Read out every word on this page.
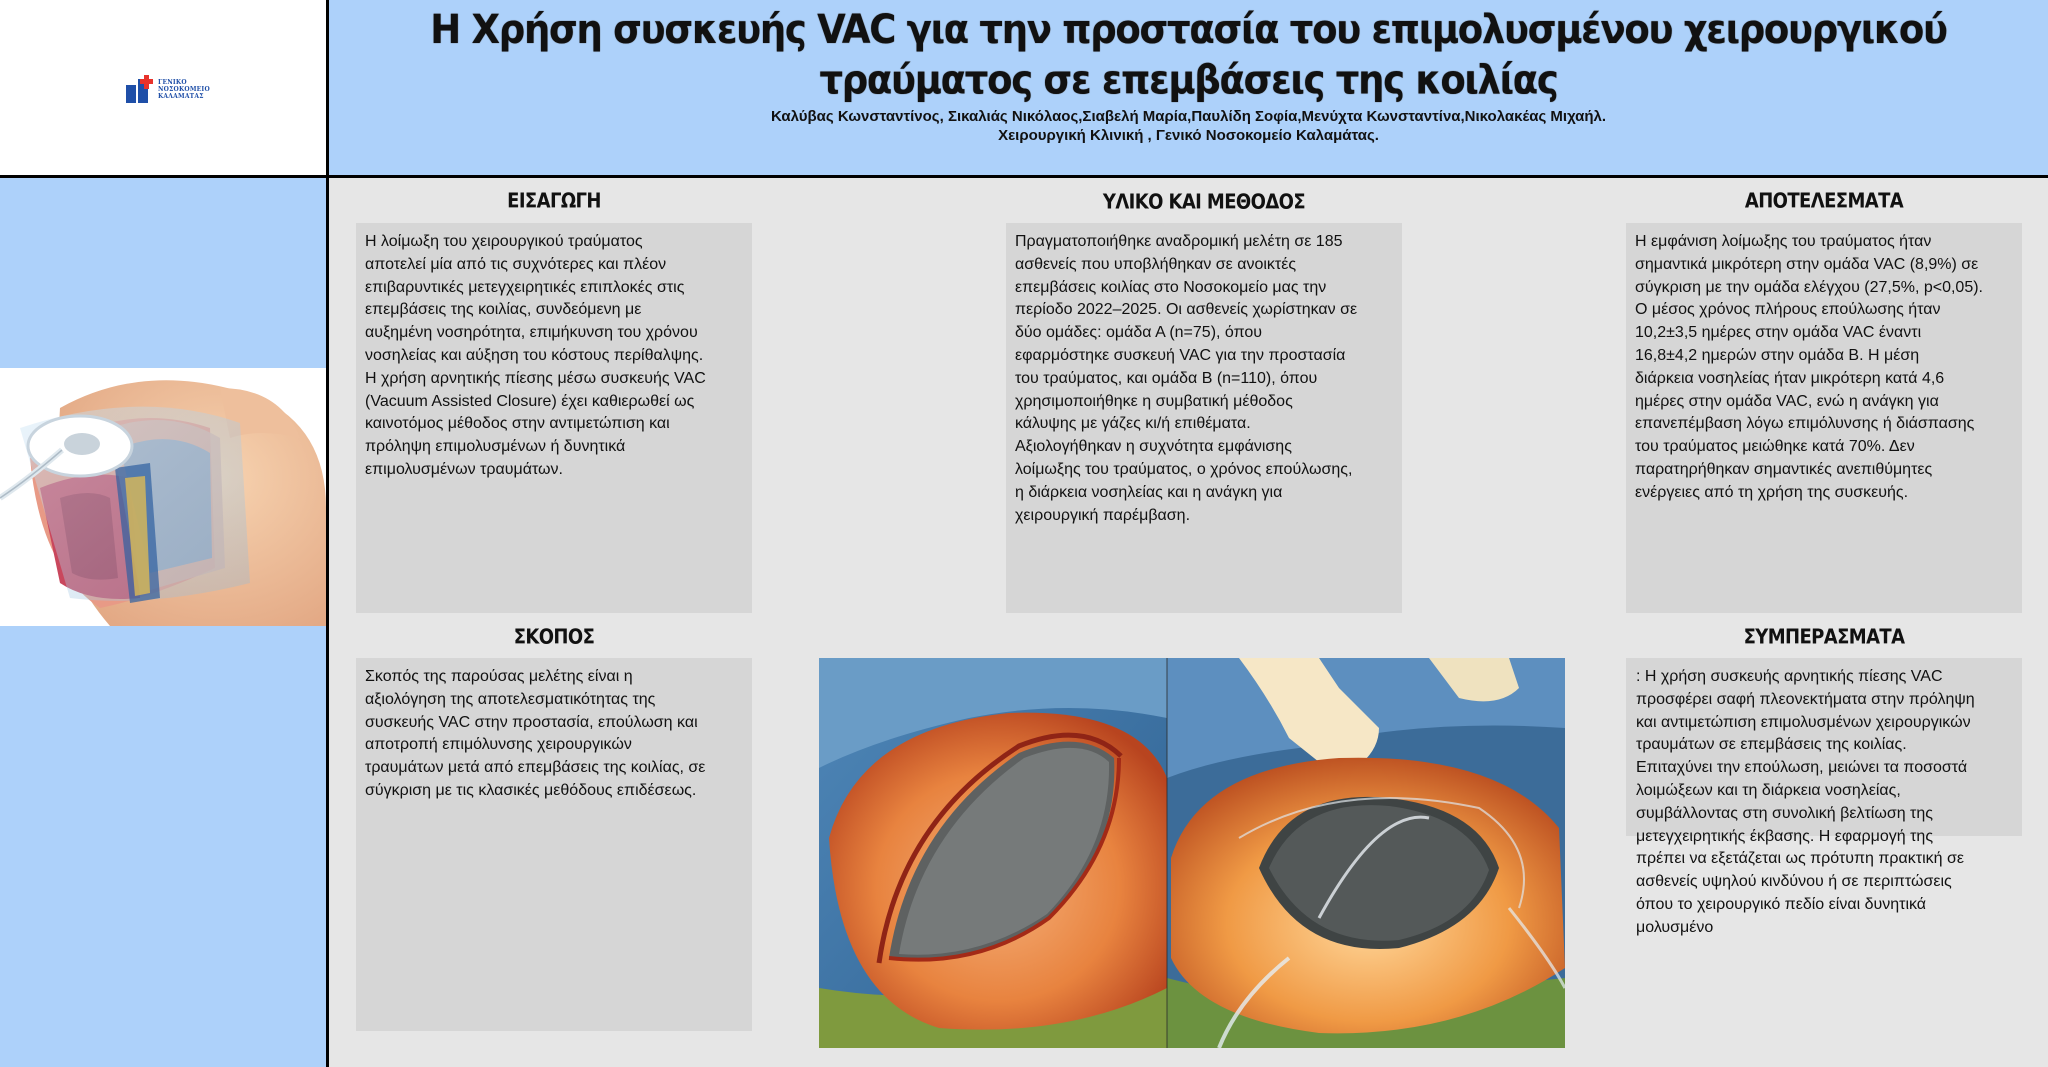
ΓΕΝΙΚΟ
ΝΟΣΟΚΟΜΕΙΟ
ΚΑΛΑΜΑΤΑΣ
Η Χρήση συσκευής VAC για την προστασία του επιμολυσμένου χειρουργικού τραύματος σε επεμβάσεις της κοιλίας
Καλύβας Κωνσταντίνος, Σικαλιάς Νικόλαος,Σιαβελή Μαρία,Παυλίδη Σοφία,Μενύχτα Κωνσταντίνα,Νικολακέας Μιχαήλ.
Χειρουργική Κλινική , Γενικό Νοσοκομείο Καλαμάτας.
ΕΙΣΑΓΩΓΗ
Η λοίμωξη του χειρουργικού τραύματος
αποτελεί μία από τις συχνότερες και πλέον
επιβαρυντικές μετεγχειρητικές επιπλοκές στις
επεμβάσεις της κοιλίας, συνδεόμενη με
αυξημένη νοσηρότητα, επιμήκυνση του χρόνου
νοσηλείας και αύξηση του κόστους περίθαλψης.
Η χρήση αρνητικής πίεσης μέσω συσκευής VAC
(Vacuum Assisted Closure) έχει καθιερωθεί ως
καινοτόμος μέθοδος στην αντιμετώπιση και
πρόληψη επιμολυσμένων ή δυνητικά
επιμολυσμένων τραυμάτων.
ΥΛΙΚΟ ΚΑΙ ΜΕΘΟΔΟΣ
Πραγματοποιήθηκε αναδρομική μελέτη σε 185
ασθενείς που υποβλήθηκαν σε ανοικτές
επεμβάσεις κοιλίας στο Νοσοκομείο μας την
περίοδο 2022–2025. Οι ασθενείς χωρίστηκαν σε
δύο ομάδες: ομάδα Α (n=75), όπου
εφαρμόστηκε συσκευή VAC για την προστασία
του τραύματος, και ομάδα Β (n=110), όπου
χρησιμοποιήθηκε η συμβατική μέθοδος
κάλυψης με γάζες κι/ή επιθέματα.
Αξιολογήθηκαν η συχνότητα εμφάνισης
λοίμωξης του τραύματος, ο χρόνος επούλωσης,
η διάρκεια νοσηλείας και η ανάγκη για
χειρουργική παρέμβαση.
ΑΠΟΤΕΛΕΣΜΑΤΑ
Η εμφάνιση λοίμωξης του τραύματος ήταν
σημαντικά μικρότερη στην ομάδα VAC (8,9%) σε
σύγκριση με την ομάδα ελέγχου (27,5%, p<0,05).
Ο μέσος χρόνος πλήρους επούλωσης ήταν
10,2±3,5 ημέρες στην ομάδα VAC έναντι
16,8±4,2 ημερών στην ομάδα Β. Η μέση
διάρκεια νοσηλείας ήταν μικρότερη κατά 4,6
ημέρες στην ομάδα VAC, ενώ η ανάγκη για
επανεπέμβαση λόγω επιμόλυνσης ή διάσπασης
του τραύματος μειώθηκε κατά 70%. Δεν
παρατηρήθηκαν σημαντικές ανεπιθύμητες
ενέργειες από τη χρήση της συσκευής.
ΣΚΟΠΟΣ
Σκοπός της παρούσας μελέτης είναι η
αξιολόγηση της αποτελεσματικότητας της
συσκευής VAC στην προστασία, επούλωση και
αποτροπή επιμόλυνσης χειρουργικών
τραυμάτων μετά από επεμβάσεις της κοιλίας, σε
σύγκριση με τις κλασικές μεθόδους επιδέσεως.
ΣΥΜΠΕΡΑΣΜΑΤΑ
: Η χρήση συσκευής αρνητικής πίεσης VAC
προσφέρει σαφή πλεονεκτήματα στην πρόληψη
και αντιμετώπιση επιμολυσμένων χειρουργικών
τραυμάτων σε επεμβάσεις της κοιλίας.
Επιταχύνει την επούλωση, μειώνει τα ποσοστά
λοιμώξεων και τη διάρκεια νοσηλείας,
συμβάλλοντας στη συνολική βελτίωση της
μετεγχειρητικής έκβασης. Η εφαρμογή της
πρέπει να εξετάζεται ως πρότυπη πρακτική σε
ασθενείς υψηλού κινδύνου ή σε περιπτώσεις
όπου το χειρουργικό πεδίο είναι δυνητικά
μολυσμένο
